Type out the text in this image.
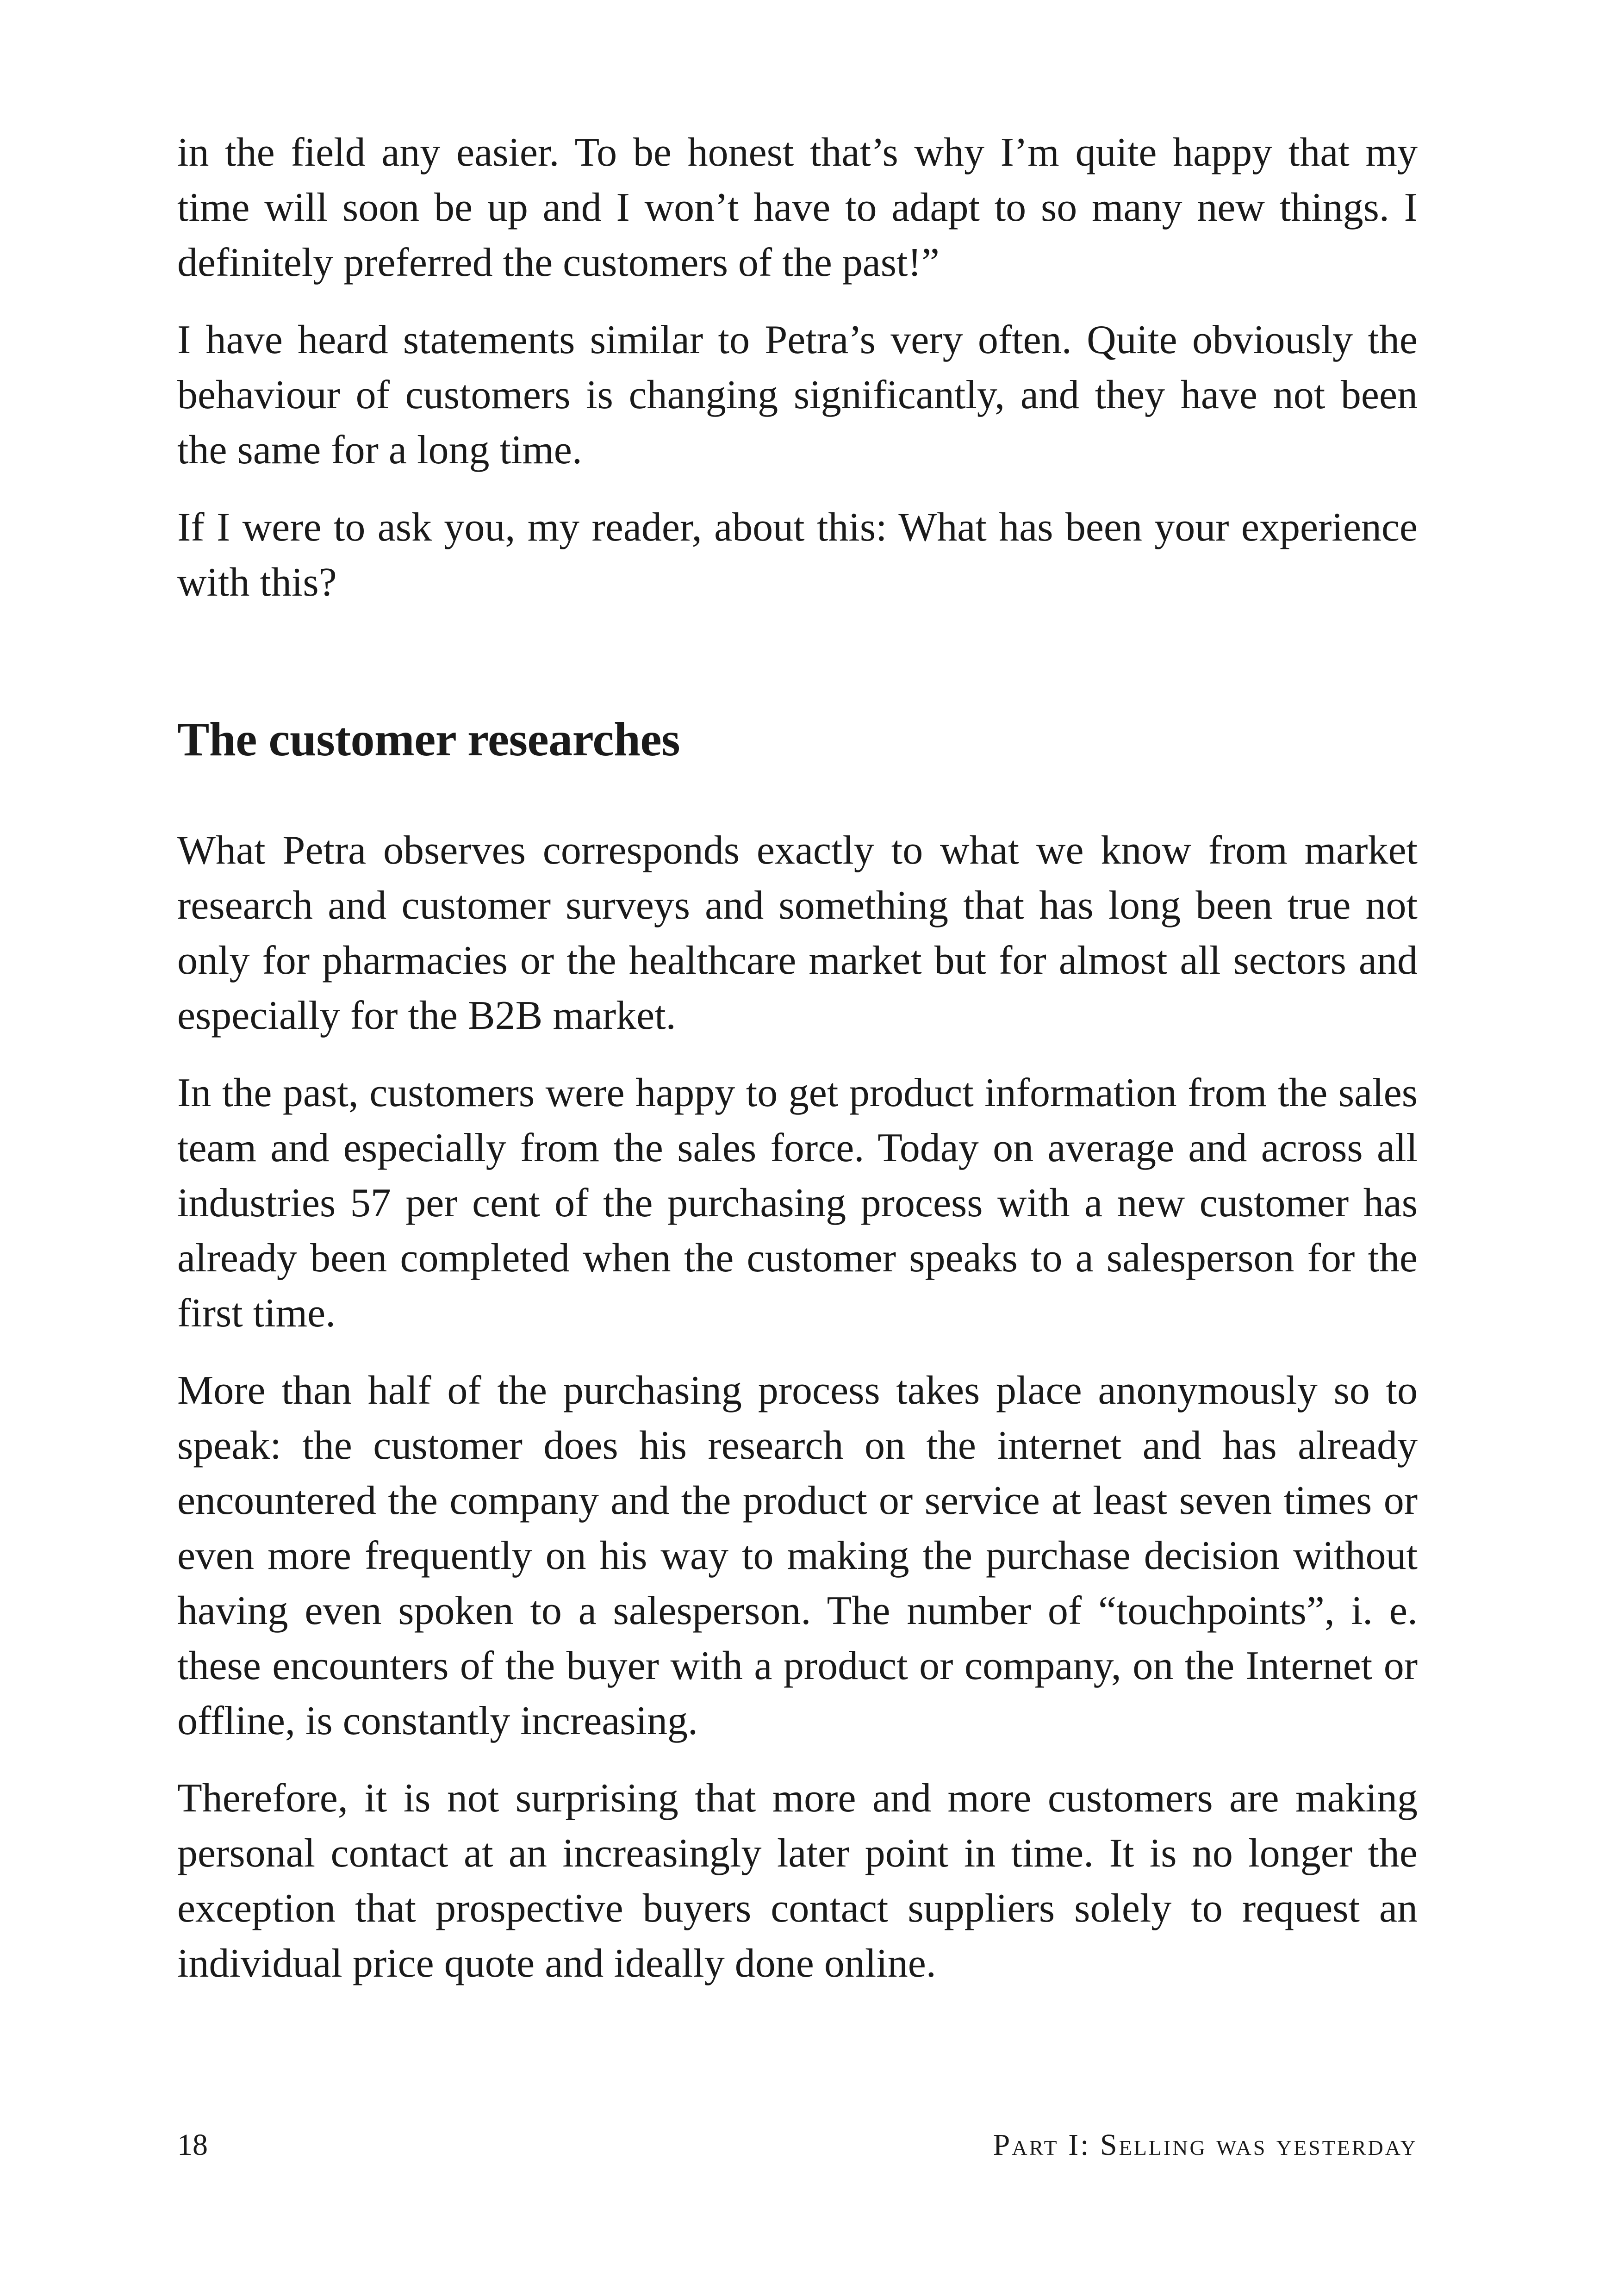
in the field any easier. To be honest that’s why I’m quite happy that my time will soon be up and I won’t have to adapt to so many new things. I definitely preferred the customers of the past!”

I have heard statements similar to Petra’s very often. Quite obviously the behaviour of customers is changing significantly, and they have not been the same for a long time.

If I were to ask you, my reader, about this: What has been your experience with this?

The customer researches

What Petra observes corresponds exactly to what we know from market research and customer surveys and something that has long been true not only for pharmacies or the healthcare market but for almost all sectors and especially for the B2B market.

In the past, customers were happy to get product information from the sales team and especially from the sales force. Today on average and across all industries 57 per cent of the purchasing process with a new customer has already been completed when the customer speaks to a salesperson for the first time.

More than half of the purchasing process takes place anonymously so to speak: the customer does his research on the internet and has already encountered the company and the product or service at least seven times or even more frequently on his way to making the purchase decision without having even spoken to a salesperson. The number of “touchpoints”, i. e. these encounters of the buyer with a product or company, on the Internet or offline, is constantly increasing.

Therefore, it is not surprising that more and more customers are making personal contact at an increasingly later point in time. It is no longer the exception that prospective buyers contact suppliers solely to request an individual price quote and ideally done online.

18	Part I: Selling was yesterday
